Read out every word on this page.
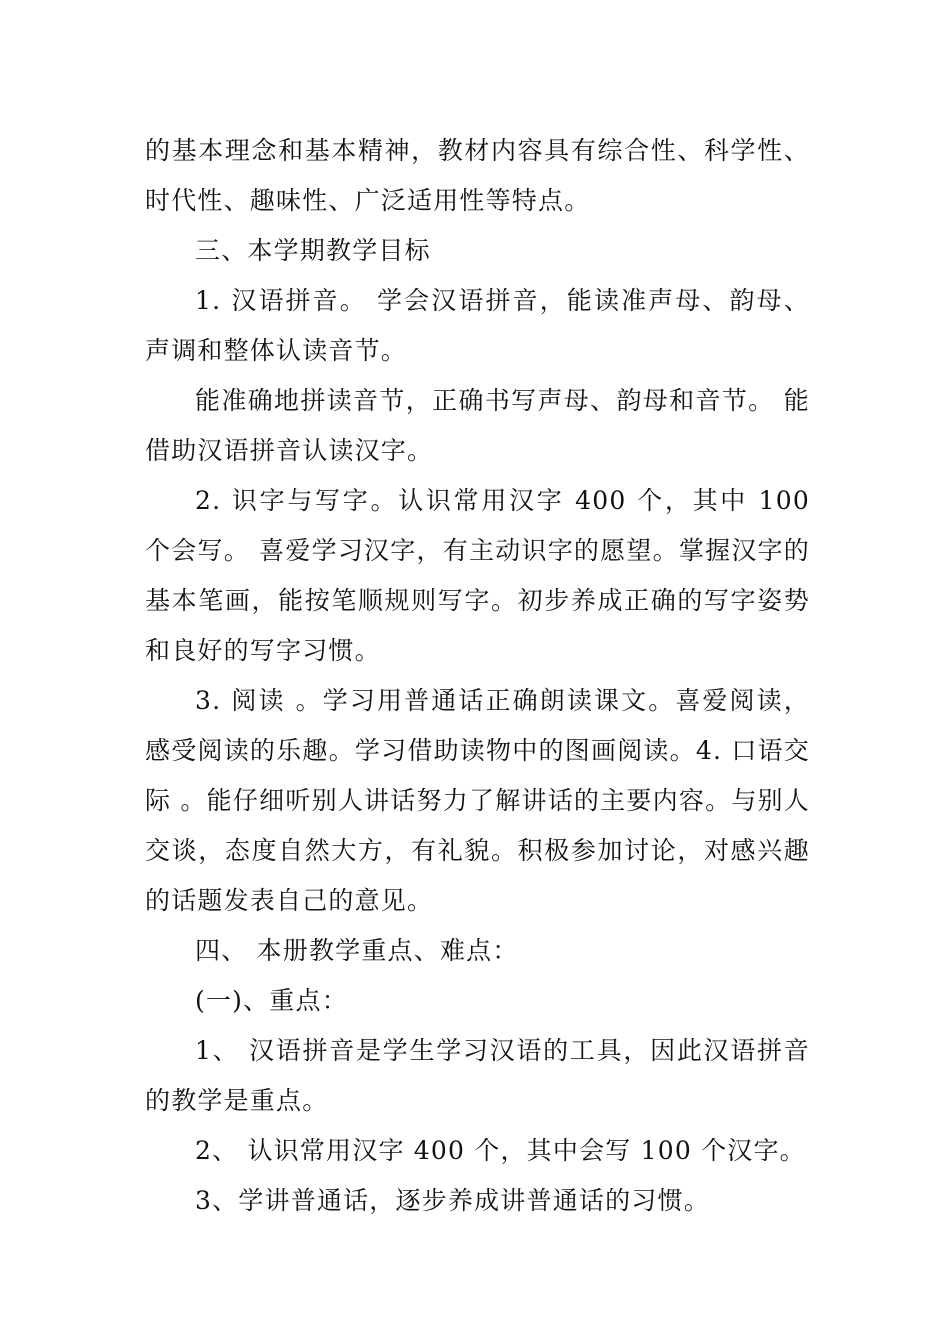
的基本理念和基本精神，教材内容具有综合性、科学性、时代性、趣味性、广泛适用性等特点。

三、本学期教学目标

1. 汉语拼音。 学会汉语拼音，能读准声母、韵母、声调和整体认读音节。

能准确地拼读音节，正确书写声母、韵母和音节。 能借助汉语拼音认读汉字。

2. 识字与写字。认识常用汉字 400 个，其中 100 个会写。 喜爱学习汉字，有主动识字的愿望。掌握汉字的基本笔画，能按笔顺规则写字。初步养成正确的写字姿势和良好的写字习惯。

3. 阅读 。学习用普通话正确朗读课文。喜爱阅读，感受阅读的乐趣。学习借助读物中的图画阅读。4. 口语交际 。能仔细听别人讲话努力了解讲话的主要内容。与别人交谈，态度自然大方，有礼貌。积极参加讨论，对感兴趣的话题发表自己的意见。

四、 本册教学重点、难点：

(一)、重点：

1、 汉语拼音是学生学习汉语的工具，因此汉语拼音的教学是重点。

2、 认识常用汉字 400 个，其中会写 100 个汉字。

3、学讲普通话，逐步养成讲普通话的习惯。
